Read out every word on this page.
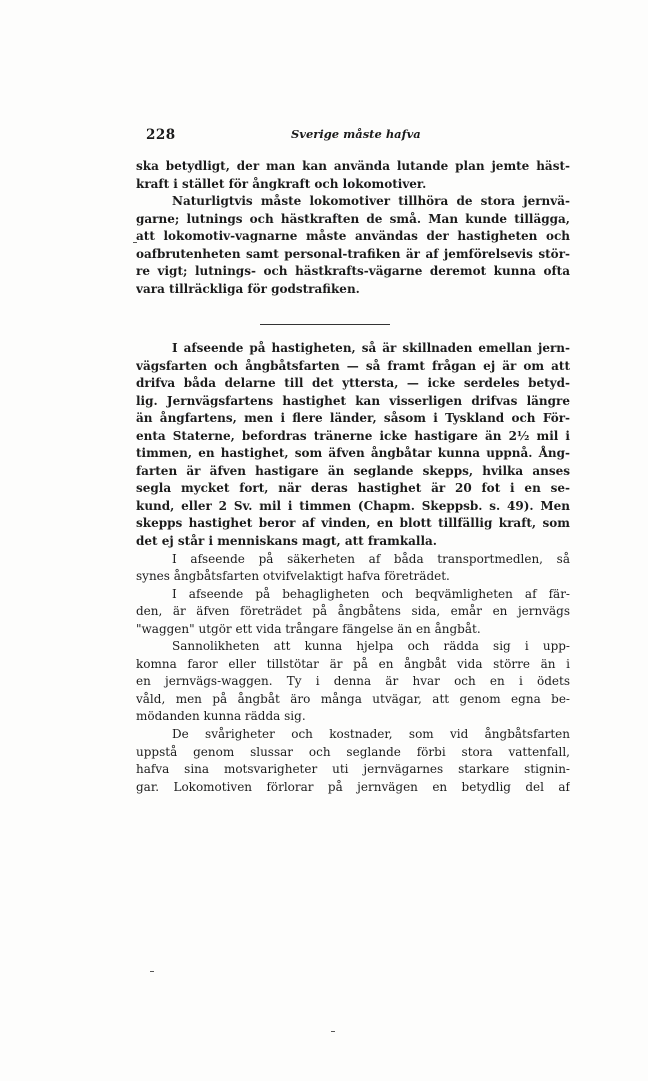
228	Sverige måste hafva
ska betydligt, der man kan använda lutande plan jemte häst-
kraft i stället för ångkraft och lokomotiver.
Naturligtvis måste lokomotiver tillhöra de stora jernvä-
garne; lutnings och hästkraften de små. Man kunde tillägga,
att lokomotiv-vagnarne måste användas der hastigheten och
oafbrutenheten samt personal-trafiken är af jemförelsevis stör-
re vigt; lutnings- och hästkrafts-vägarne deremot kunna ofta
vara tillräckliga för godstrafiken.
I afseende på hastigheten, så är skillnaden emellan jern-
vägsfarten och ångbåtsfarten — så framt frågan ej är om att
drifva båda delarne till det yttersta, — icke serdeles betyd-
lig. Jernvägsfartens hastighet kan visserligen drifvas längre
än ångfartens, men i flere länder, såsom i Tyskland och För-
enta Staterne, befordras tränerne icke hastigare än 2½ mil i
timmen, en hastighet, som äfven ångbåtar kunna uppnå. Ång-
farten är äfven hastigare än seglande skepps, hvilka anses
segla mycket fort, när deras hastighet är 20 fot i en se-
kund, eller 2 Sv. mil i timmen (Chapm. Skeppsb. s. 49). Men
skepps hastighet beror af vinden, en blott tillfällig kraft, som
det ej står i menniskans magt, att framkalla.
I afseende på säkerheten af båda transportmedlen, så
synes ångbåtsfarten otvifvelaktigt hafva företrädet.
I afseende på behagligheten och beqvämligheten af fär-
den, är äfven företrädet på ångbåtens sida, emår en jernvägs
"waggen" utgör ett vida trångare fängelse än en ångbåt.
Sannolikheten att kunna hjelpa och rädda sig i upp-
komna faror eller tillstötar är på en ångbåt vida större än i
en jernvägs-waggen. Ty i denna är hvar och en i ödets
våld, men på ångbåt äro många utvägar, att genom egna be-
mödanden kunna rädda sig.
De svårigheter och kostnader, som vid ångbåtsfarten
uppstå genom slussar och seglande förbi stora vattenfall,
hafva sina motsvarigheter uti jernvägarnes starkare stignin-
gar. Lokomotiven förlorar på jernvägen en betydlig del af
